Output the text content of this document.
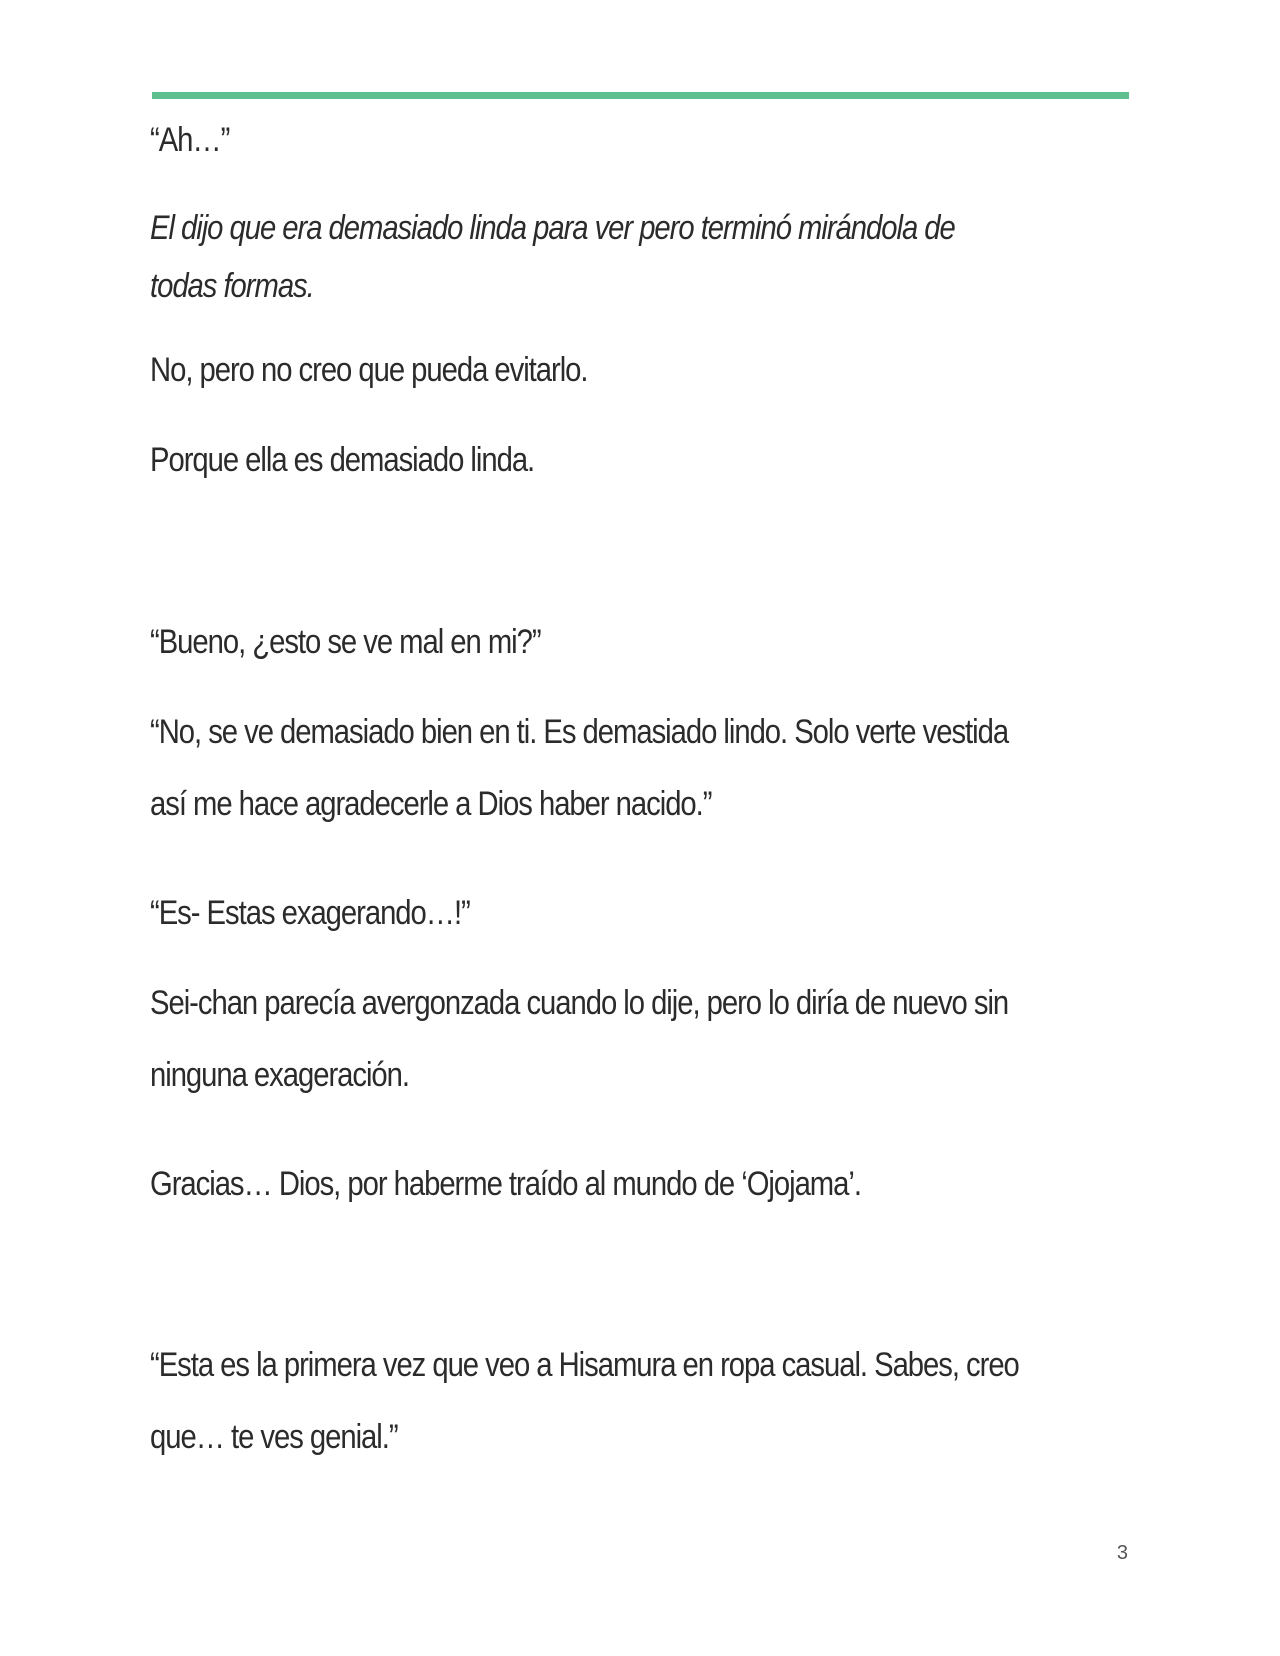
“Ah…”

El dijo que era demasiado linda para ver pero terminó mirándola de
todas formas.

No, pero no creo que pueda evitarlo.

Porque ella es demasiado linda.

“Bueno, ¿esto se ve mal en mi?”

“No, se ve demasiado bien en ti. Es demasiado lindo. Solo verte vestida
así me hace agradecerle a Dios haber nacido.”

“Es- Estas exagerando…!”

Sei-chan parecía avergonzada cuando lo dije, pero lo diría de nuevo sin
ninguna exageración.

Gracias… Dios, por haberme traído al mundo de ‘Ojojama’.

“Esta es la primera vez que veo a Hisamura en ropa casual. Sabes, creo
que… te ves genial.”

3
